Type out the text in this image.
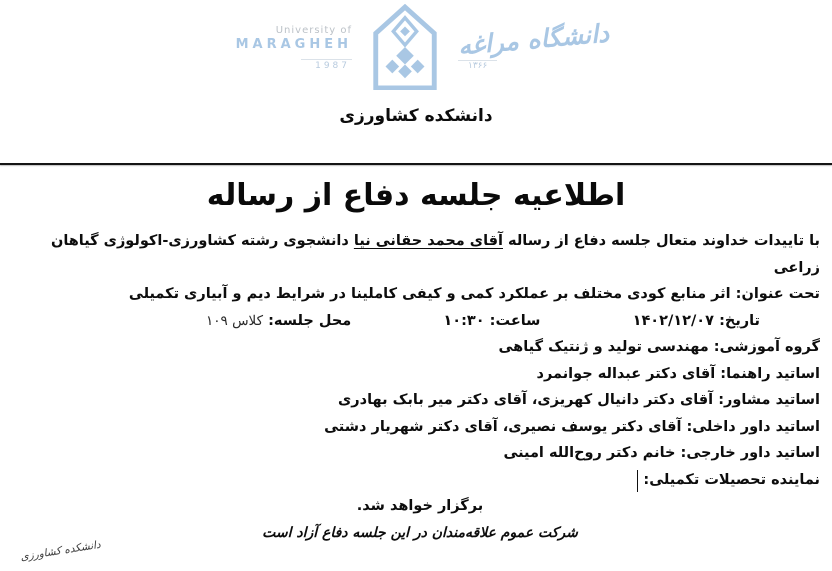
University of
MARAGHEH
1987
دانشگاه مراغه
۱۳۶۶
دانشکده کشاورزی
اطلاعیه جلسه دفاع از رساله

با تاییدات خداوند متعال جلسه دفاع از رساله آقای محمد حقانی نیا دانشجوی رشته کشاورزی-اکولوژی گیاهان زراعی

تحت عنوان: اثر منابع کودی مختلف بر عملکرد کمی و کیفی کاملینا در شرایط دیم و آبیاری تکمیلی

تاریخ: ۱۴۰۲/۱۲/۰۷
ساعت: ۱۰:۳۰
محل جلسه: کلاس ۱۰۹

گروه آموزشی: مهندسی تولید و ژنتیک گیاهی

اساتید راهنما: آقای دکتر عبداله جوانمرد

اساتید مشاور: آقای دکتر دانیال کهریزی، آقای دکتر میر بابک بهادری

اساتید داور داخلی: آقای دکتر یوسف نصیری، آقای دکتر شهریار دشتی

اساتید داور خارجی: خانم دکتر روح‌الله امینی

نماینده تحصیلات تکمیلی:

برگزار خواهد شد.

شرکت عموم علاقه‌مندان در این جلسه دفاع آزاد است

دانشکده کشاورزی
